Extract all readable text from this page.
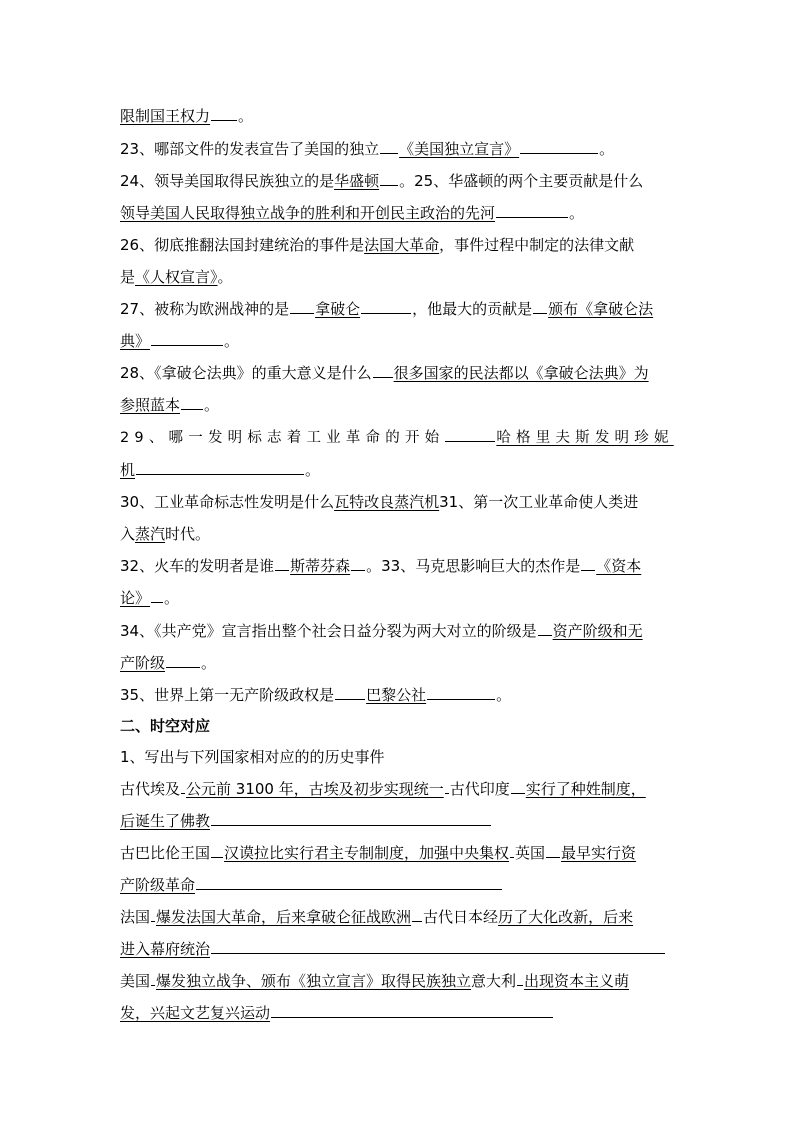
限制国王权力 。
23、哪部文件的发表宣告了美国的独立 《美国独立宣言》	。
24、领导美国取得民族独立的是华盛顿 。25、华盛顿的两个主要贡献是什么
领导美国人民取得独立战争的胜利和开创民主政治的先河	。
26、彻底推翻法国封建统治的事件是法国大革命，事件过程中制定的法律文献
是《人权宣言》。
27、被称为欧洲战神的是 拿破仑	，他最大的贡献是 颁布《拿破仑法
典》	。
28、《拿破仑法典》的重大意义是什么 很多国家的民法都以《拿破仑法典》为
参照蓝本 。
29、哪一发明标志着工业革命的开始	哈格里夫斯发明珍妮
机	。
30、工业革命标志性发明是什么瓦特改良蒸汽机31、第一次工业革命使人类进
入蒸汽时代。
32、火车的发明者是谁 斯蒂芬森 。33、马克思影响巨大的杰作是 《资本
论》 。
34、《共产党》宣言指出整个社会日益分裂为两大对立的阶级是 资产阶级和无
产阶级 。
35、世界上第一无产阶级政权是 巴黎公社	。
二、时空对应
1、写出与下列国家相对应的的历史事件
古代埃及 公元前 3100 年，古埃及初步实现统一 古代印度 实行了种姓制度，
后诞生了佛教
古巴比伦王国 汉谟拉比实行君主专制制度，加强中央集权 英国 最早实行资
产阶级革命
法国 爆发法国大革命，后来拿破仑征战欧洲 古代日本经历了大化改新，后来
进入幕府统治
美国 爆发独立战争、颁布《独立宣言》取得民族独立意大利 出现资本主义萌
发，兴起文艺复兴运动
